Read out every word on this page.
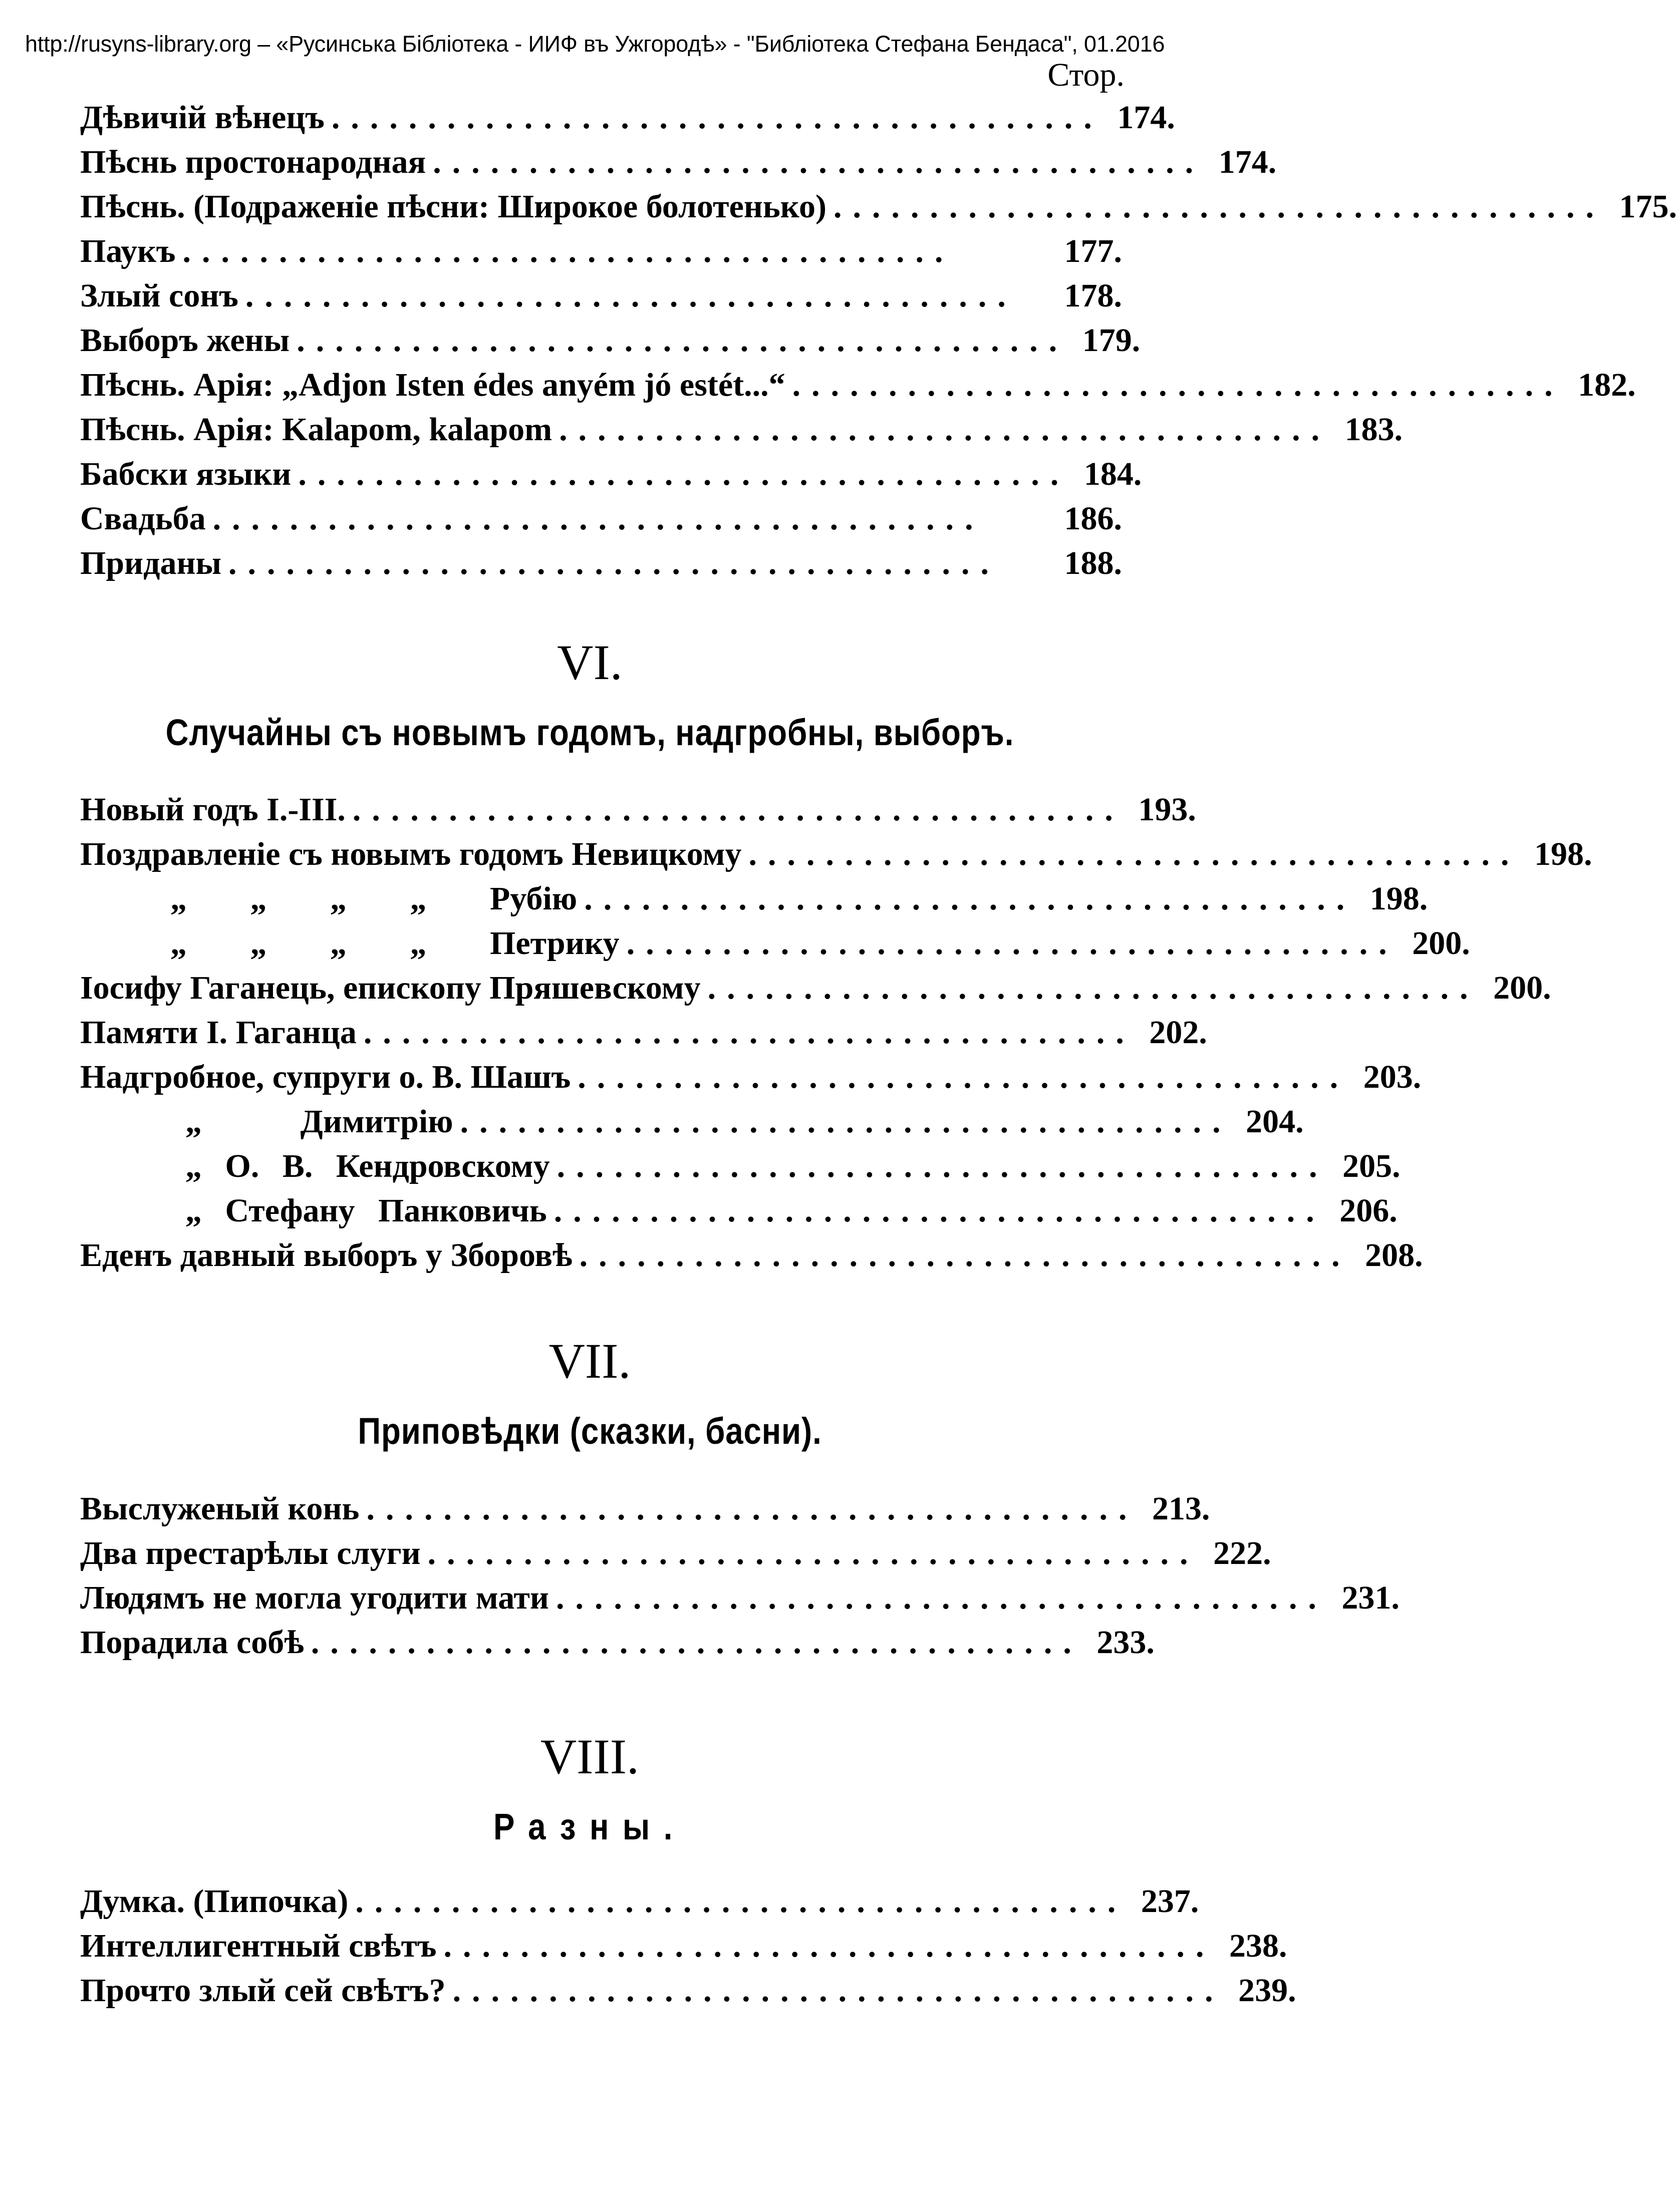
http://rusyns-library.org – «Русинська Бібліотека - ИИФ въ Ужгородѣ» - "Библіотека Стефана Бендаса", 01.2016
Стор.
Дѣвичій вѣнецъ ........................................ 174.
Пѣснь простонародная ........................................ 174.
Пѣснь. (Подраженіе пѣсни: Широкое болотенько) ........................................ 175.
Паукъ ........................................	177.
Злый сонъ ........................................	178.
Выборъ жены ........................................ 179.
Пѣснь. Арія: „Adjon Isten édes anyém jó estét...“ ........................................ 182.
Пѣснь. Арія: Kalapom, kalapom ........................................ 183.
Бабски языки ........................................ 184.
Свадьба ........................................	186.
Приданы ........................................	188.
VI.
Случайны съ новымъ годомъ, надгробны, выборъ.
Новый годъ I.-III. ........................................ 193.
Поздравленіе съ новымъ годомъ Невицкому ........................................ 198.
„ „ „ „ Рубію ........................................ 198.
„ „ „ „ Петрику ........................................ 200.
Іосифу Гаганець, епископу Пряшевскому ........................................ 200.
Памяти I. Гаганца ........................................ 202.
Надгробное, супруги о. В. Шашъ ........................................ 203.
„ Димитрію ........................................ 204.
„ О. В. Кендровскому ........................................ 205.
„ Стефану Панковичь ........................................ 206.
Еденъ давный выборъ у Зборовѣ ........................................ 208.
VII.
Приповѣдки (сказки, басни).
Выслуженый конь ........................................ 213.
Два престарѣлы слуги ........................................ 222.
Людямъ не могла угодити мати ........................................ 231.
Порадила собѣ ........................................ 233.
VIII.
Разны.
Думка. (Пипочка) ........................................ 237.
Интеллигентный свѣтъ ........................................ 238.
Прочто злый сей свѣтъ? ........................................ 239.
